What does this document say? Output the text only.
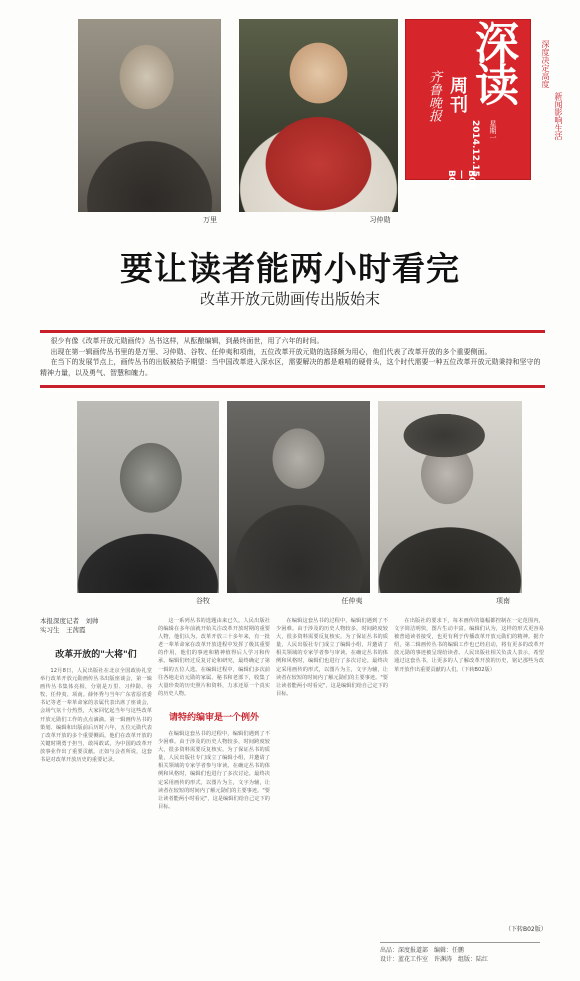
万里	习仲勋
深读
周刊
齐鲁晚报
星期一
2014.12.15
B01—B04
深度决定高度
新闻影响生活
要让读者能两小时看完
改革开放元勋画传出版始末

很少有像《改革开放元勋画传》丛书这样，从酝酿编辑，到最终面世，用了六年的时间。

出现在第一辑画传丛书里的是万里、习仲勋、谷牧、任仲夷和项南，五位改革开放元勋的选择颇为用心，他们代表了改革开放的多个重要侧面。

在当下的发展节点上，画传丛书的出版被给予期望：当中国改革进入深水区，需要解决的都是难啃的硬骨头，这个时代需要一种五位改革开放元勋秉持和坚守的精神力量，以及勇气、智慧和魄力。

谷牧	任仲夷	项南
本报深度记者　刘帅
实习生　王茜霞
改革开放的"大将"们

12月8日，人民出版社在北京全国政协礼堂举行改革开放元勋画传丛书出版座谈会，第一辑画传丛书集体亮相，分别是万里、习仲勋、谷牧、任仲夷、项南。薛怀秀与当年广东省原省委书记等老一辈革命家的亲属代表出席了座谈会，会场气氛十分热烈，大家回忆起当年与这些改革开放元勋们工作的点点滴滴。第一辑画传丛书的策划、编辑和出版前后历时六年，五位元勋代表了改革开放的多个重要侧面。他们在改革开放的关键时期勇于担当，敢闯敢试，为中国的改革开放事业作出了重要贡献。正如与会者所说，这套书是对改革开放历史的重要记录。

这一系列丛书的选题由来已久。人民出版社的编辑在多年前就开始关注改革开放时期的重要人物，他们认为，改革开放三十多年来，有一批老一辈革命家在改革开放进程中发挥了极其重要的作用，他们的事迹和精神值得后人学习和传承。编辑们经过反复讨论和研究，最终确定了第一辑的五位人选。在编辑过程中，编辑们多次前往各地走访元勋的家属、秘书和老部下，收集了大量珍贵的历史照片和资料，力求还原一个真实的历史人物。

请特约编审是一个例外

在编辑这套丛书的过程中，编辑们遇到了不少困难。由于涉及的历史人物较多，时间跨度较大，很多资料需要反复核实。为了保证丛书的质量，人民出版社专门成立了编辑小组，并邀请了相关领域的专家学者参与审读。在确定丛书的体例和风格时，编辑们也进行了多次讨论。最终决定采用画传的形式，以图片为主，文字为辅，让读者在较短的时间内了解元勋们的主要事迹。"要让读者能两小时看完"，这是编辑们给自己定下的目标。

在编辑这套丛书的过程中，编辑们遇到了不少困难。由于涉及的历史人物较多，时间跨度较大，很多资料需要反复核实。为了保证丛书的质量，人民出版社专门成立了编辑小组，并邀请了相关领域的专家学者参与审读。在确定丛书的体例和风格时，编辑们也进行了多次讨论。最终决定采用画传的形式，以图片为主，文字为辅，让读者在较短的时间内了解元勋们的主要事迹。"要让读者能两小时看完"，这是编辑们给自己定下的目标。

在出版社的要求下，每本画传的篇幅都控制在一定范围内，文字简洁明快，图片生动丰富。编辑们认为，这样的形式更容易被普通读者接受，也更有利于传播改革开放元勋们的精神。据介绍，第二辑画传丛书的编辑工作也已经启动，将有更多的改革开放元勋的事迹被呈现给读者。人民出版社相关负责人表示，希望通过这套丛书，让更多的人了解改革开放的历史，铭记那些为改革开放作出重要贡献的人们。（下转B02版）

（下转B02版）
出品：深度报道部　编辑：任鹏
设计：蓝花工作室　许渊涛　组版：陆红
